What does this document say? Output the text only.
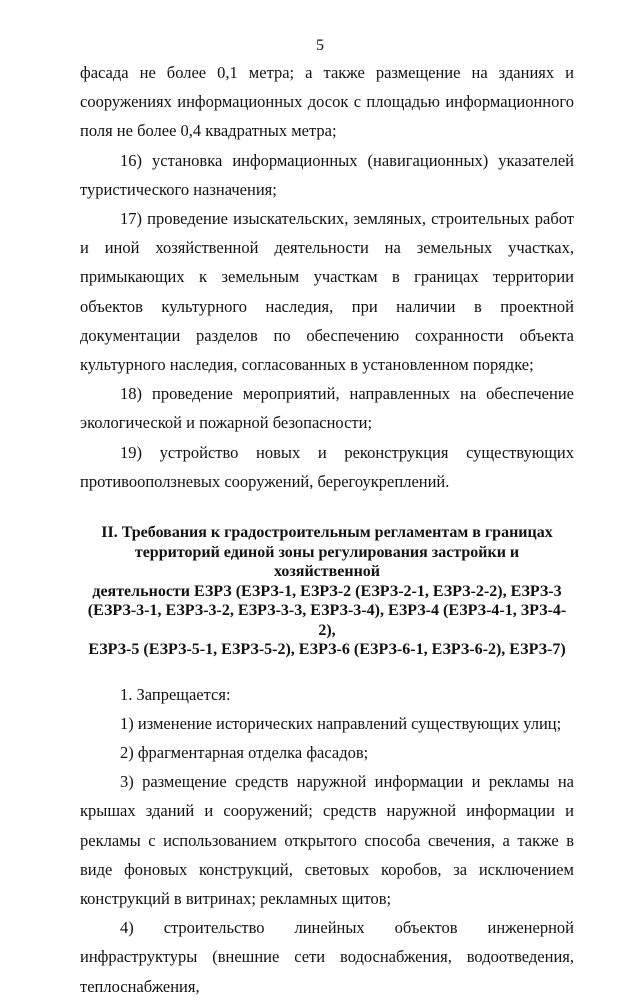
5

фасада не более 0,1 метра; а также размещение на зданиях и сооружениях информационных досок с площадью информационного поля не более 0,4 квадратных метра;

16) установка информационных (навигационных) указателей туристического назначения;

17) проведение изыскательских, земляных, строительных работ и иной хозяйственной деятельности на земельных участках, примыкающих к земельным участкам в границах территории объектов культурного наследия, при наличии в проектной документации разделов по обеспечению сохранности объекта культурного наследия, согласованных в установленном порядке;

18) проведение мероприятий, направленных на обеспечение экологической и пожарной безопасности;

19) устройство новых и реконструкция существующих противооползневых сооружений, берегоукреплений.

II. Требования к градостроительным регламентам в границах
территорий единой зоны регулирования застройки и хозяйственной
деятельности ЕЗРЗ (ЕЗРЗ-1, ЕЗРЗ-2 (ЕЗРЗ-2-1, ЕЗРЗ-2-2), ЕЗРЗ-3
(ЕЗРЗ-3-1, ЕЗРЗ-3-2, ЕЗРЗ-3-3, ЕЗРЗ-3-4), ЕЗРЗ-4 (ЕЗРЗ-4-1, ЗРЗ-4-2),
ЕЗРЗ-5 (ЕЗРЗ-5-1, ЕЗРЗ-5-2), ЕЗРЗ-6 (ЕЗРЗ-6-1, ЕЗРЗ-6-2), ЕЗРЗ-7)

1. Запрещается:

1) изменение исторических направлений существующих улиц;

2) фрагментарная отделка фасадов;

3) размещение средств наружной информации и рекламы на крышах зданий и сооружений; средств наружной информации и рекламы с использованием открытого способа свечения, а также в виде фоновых конструкций, световых коробов, за исключением конструкций в витринах; рекламных щитов;

4) строительство линейных объектов инженерной инфраструктуры (внешние сети водоснабжения, водоотведения, теплоснабжения,
